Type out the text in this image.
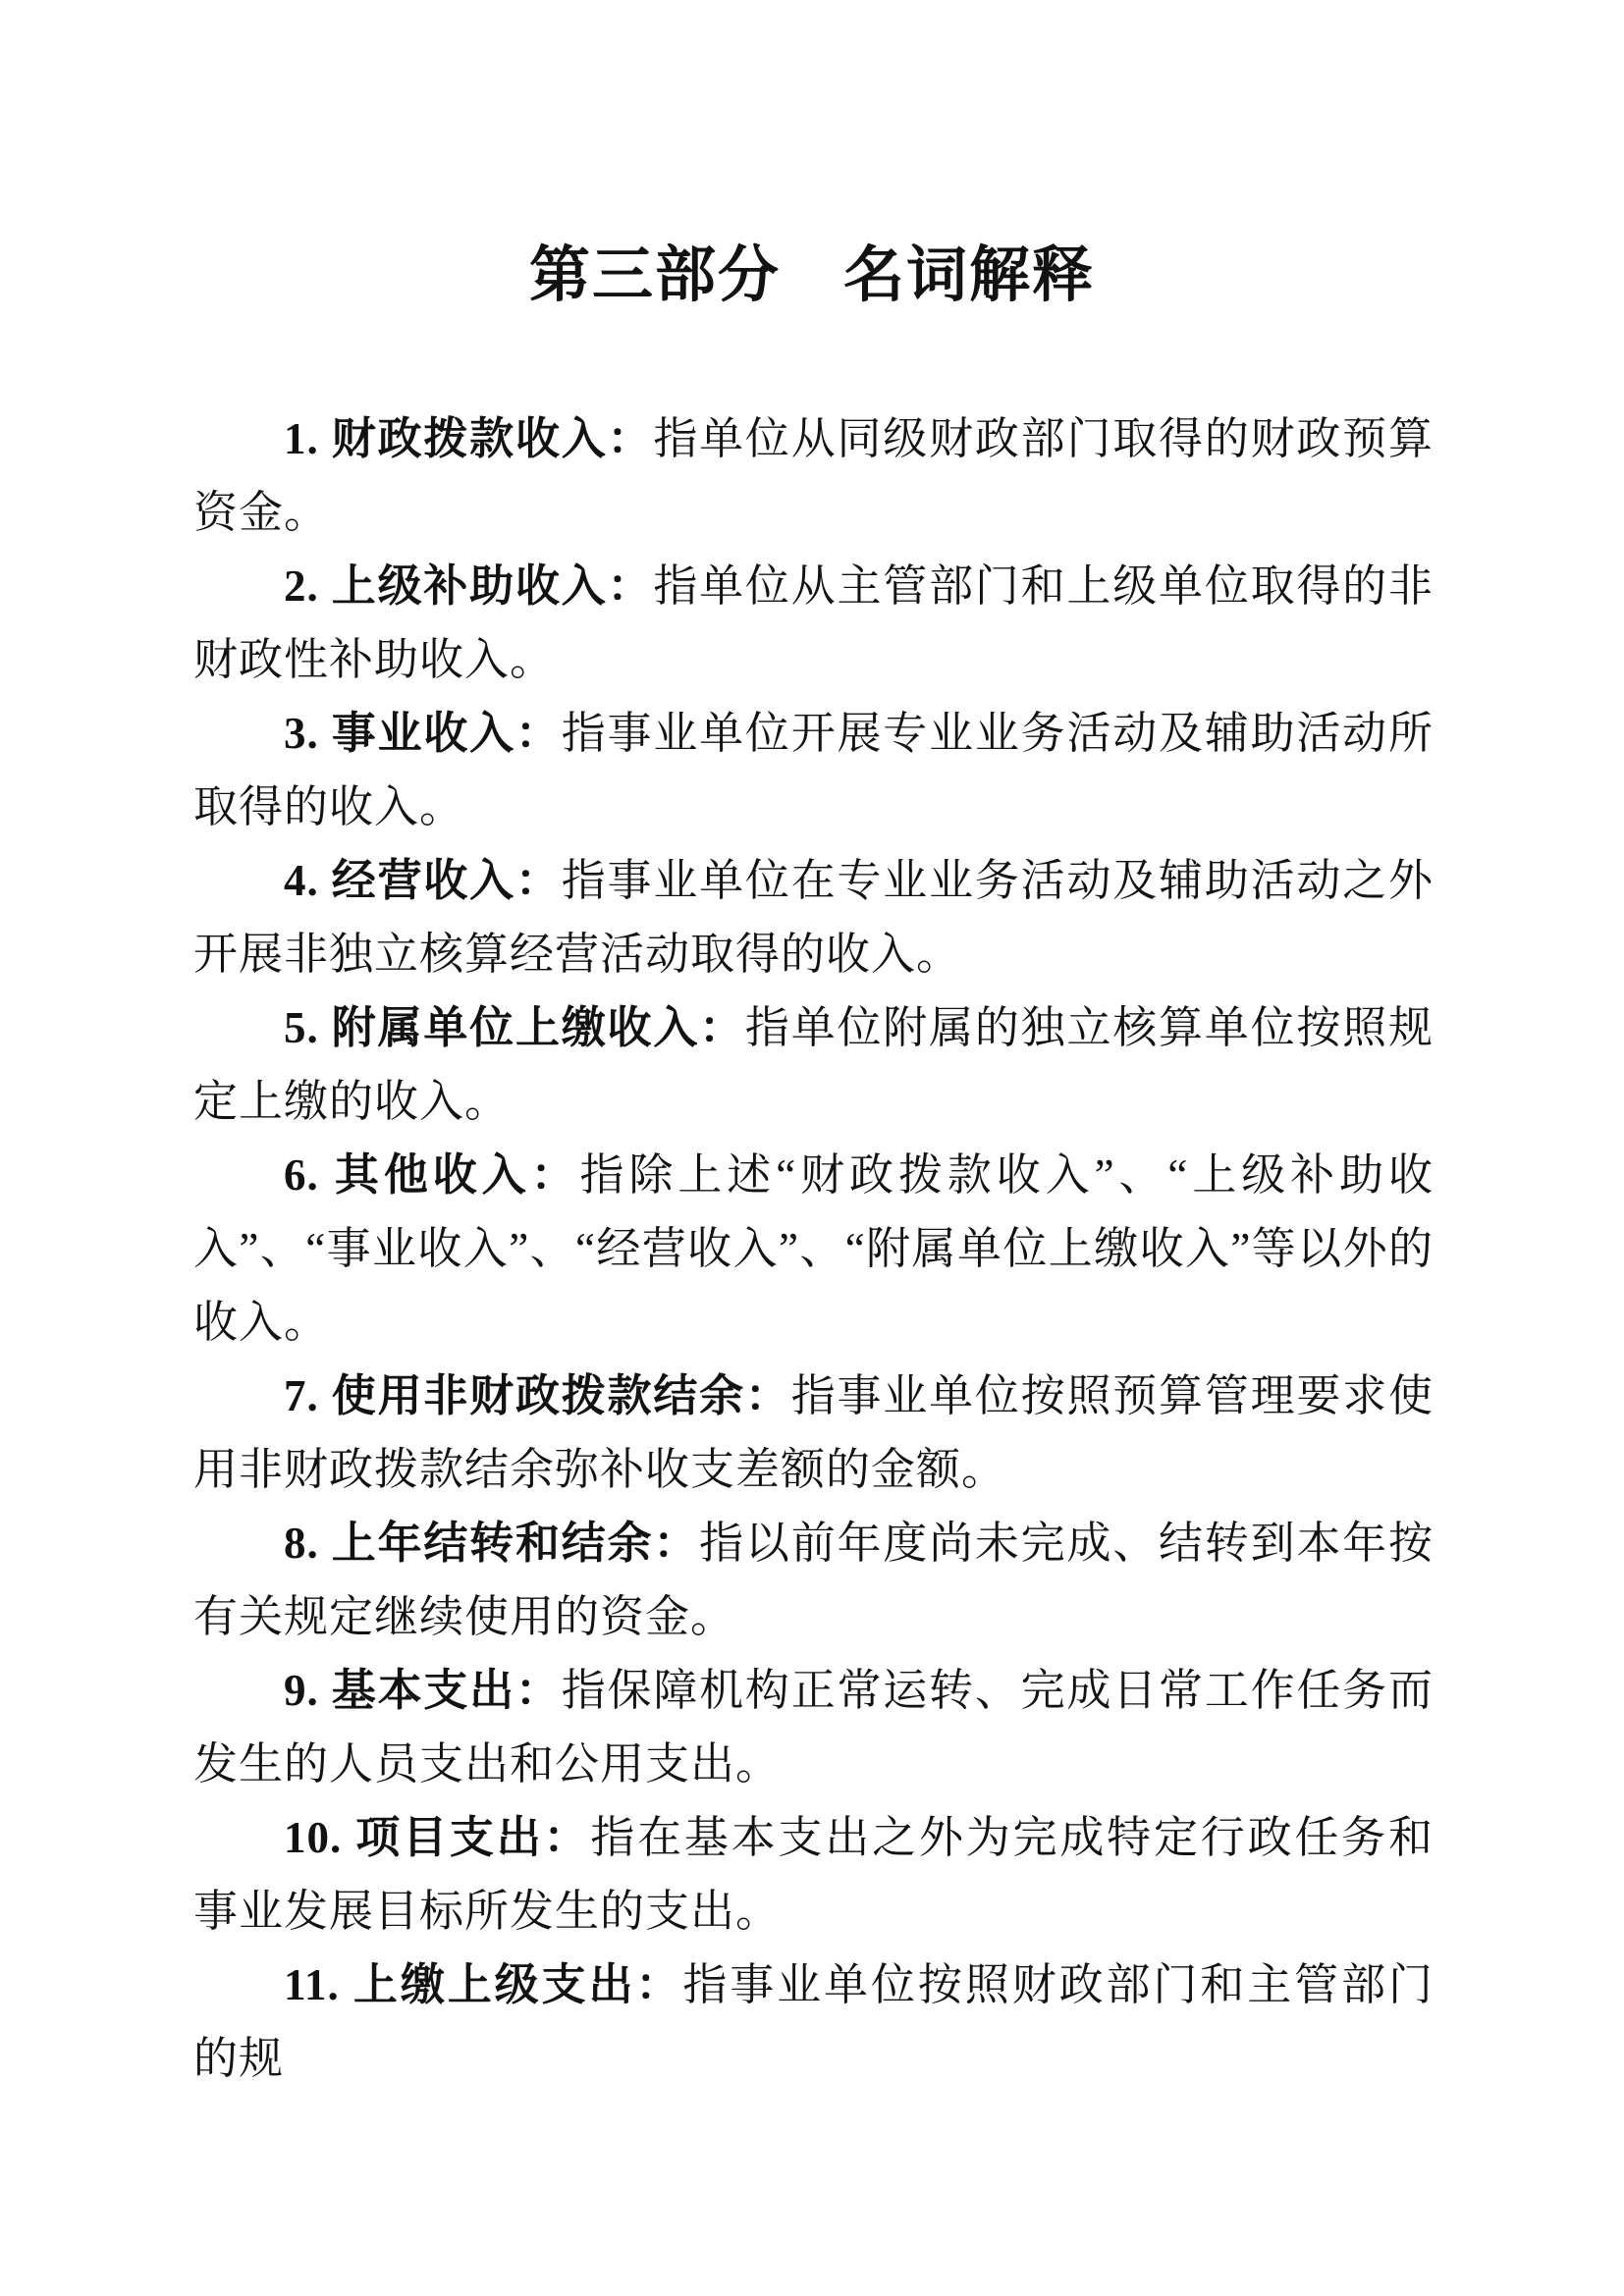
第三部分　名词解释

1. 财政拨款收入：指单位从同级财政部门取得的财政预算资金。

2. 上级补助收入：指单位从主管部门和上级单位取得的非财政性补助收入。

3. 事业收入：指事业单位开展专业业务活动及辅助活动所取得的收入。

4. 经营收入：指事业单位在专业业务活动及辅助活动之外开展非独立核算经营活动取得的收入。

5. 附属单位上缴收入：指单位附属的独立核算单位按照规定上缴的收入。

6. 其他收入：指除上述“财政拨款收入”、“上级补助收入”、“事业收入”、“经营收入”、“附属单位上缴收入”等以外的收入。

7. 使用非财政拨款结余：指事业单位按照预算管理要求使用非财政拨款结余弥补收支差额的金额。

8. 上年结转和结余：指以前年度尚未完成、结转到本年按有关规定继续使用的资金。

9. 基本支出：指保障机构正常运转、完成日常工作任务而发生的人员支出和公用支出。

10. 项目支出：指在基本支出之外为完成特定行政任务和事业发展目标所发生的支出。

11. 上缴上级支出：指事业单位按照财政部门和主管部门的规
